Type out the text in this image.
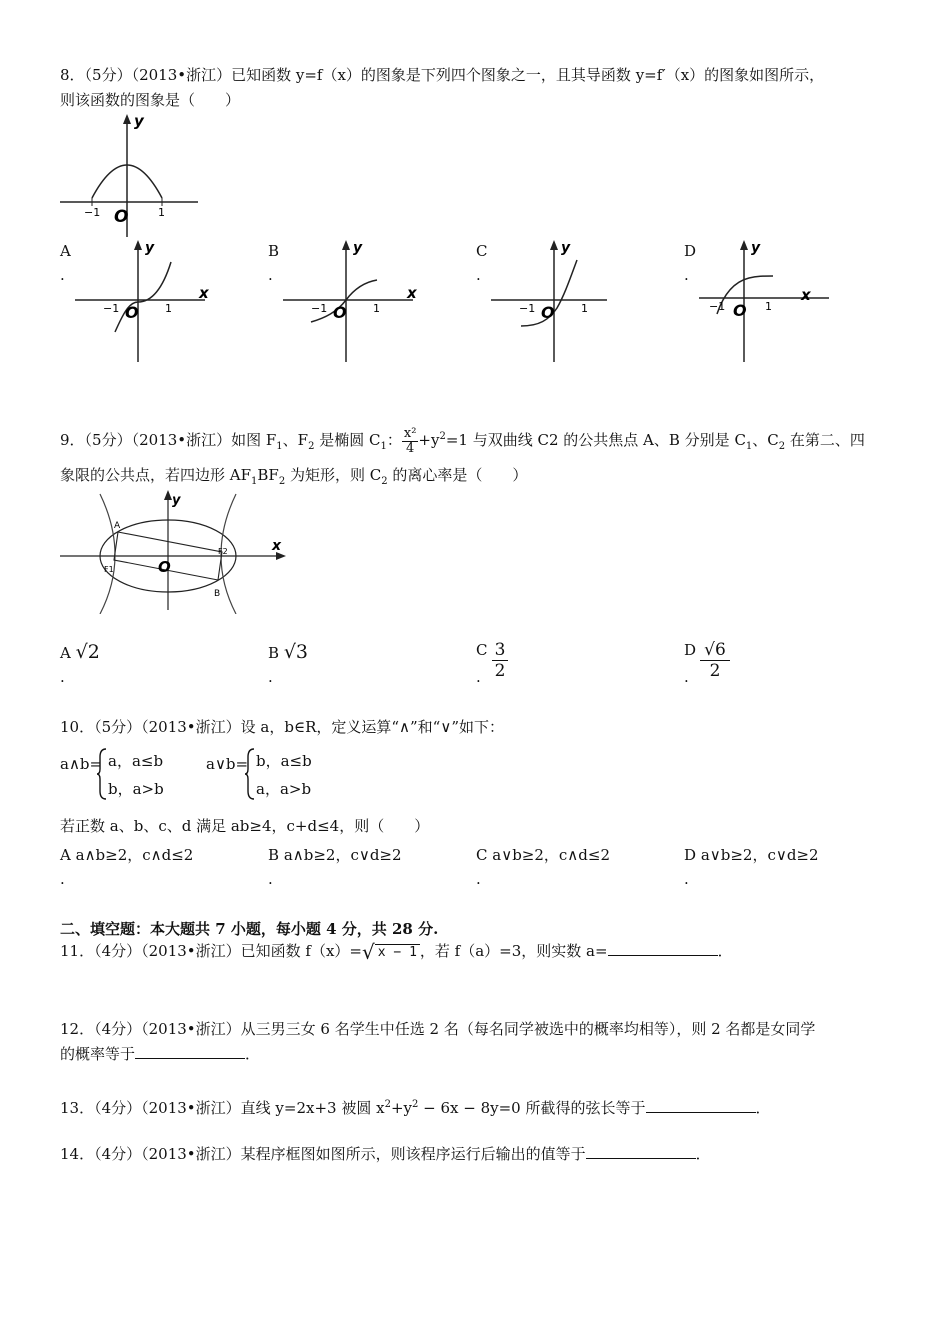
8．（5分）（2013•浙江）已知函数 y=f（x）的图象是下列四个图象之一，且其导函数 y=f′（x）的图象如图所示，
则该函数的图象是（　　）
y
O
−1	1
A
.
y
x
O
−1	1
B
.
y
x
O
−1	1
C
.
y
O
−1	1
D
.
y
x
O
−1	1
9．（5分）（2013•浙江）如图 $F_1$、$F_2$ 是椭圆 $C_1$： $\frac{\text{x²}}{4} +y^2=1$ 与双曲线 C2 的公共焦点 A、B 分别是 $C_1$、$C_2$ 在第二、四
象限的公共点，若四边形 $AF_1BF_2$ 为矩形，则 $C_2$ 的离心率是（　　）
A
B
F1
F2
y
x
O
A √2
.
B √3
.
C 3
2
.
D √6
2
.
10．（5分）（2013•浙江）设 a，b∈R，定义运算“∧”和“∨”如下：
a∧b= a，a≤b
b，a>b
a∨b= b，a≤b
a，a>b
若正数 a、b、c、d 满足 ab≥4，c+d≤4，则（　　）
A a∧b≥2，c∧d≤2
.
B a∧b≥2，c∨d≥2
.
C a∨b≥2，c∧d≤2
.
D a∨b≥2，c∨d≥2
.
二、填空题：本大题共 7 小题，每小题 4 分，共 28 分.
11．（4分）（2013•浙江）已知函数 f（x）=√ x − 1 ，若 f（a）=3，则实数 a=	．
12．（4分）（2013•浙江）从三男三女 6 名学生中任选 2 名（每名同学被选中的概率均相等），则 2 名都是女同学
的概率等于	．
13．（4分）（2013•浙江）直线 y=2x+3 被圆 $x^2+y^2 - 6x - 8y=0$ 所截得的弦长等于	．
14．（4分）（2013•浙江）某程序框图如图所示，则该程序运行后输出的值等于	．
